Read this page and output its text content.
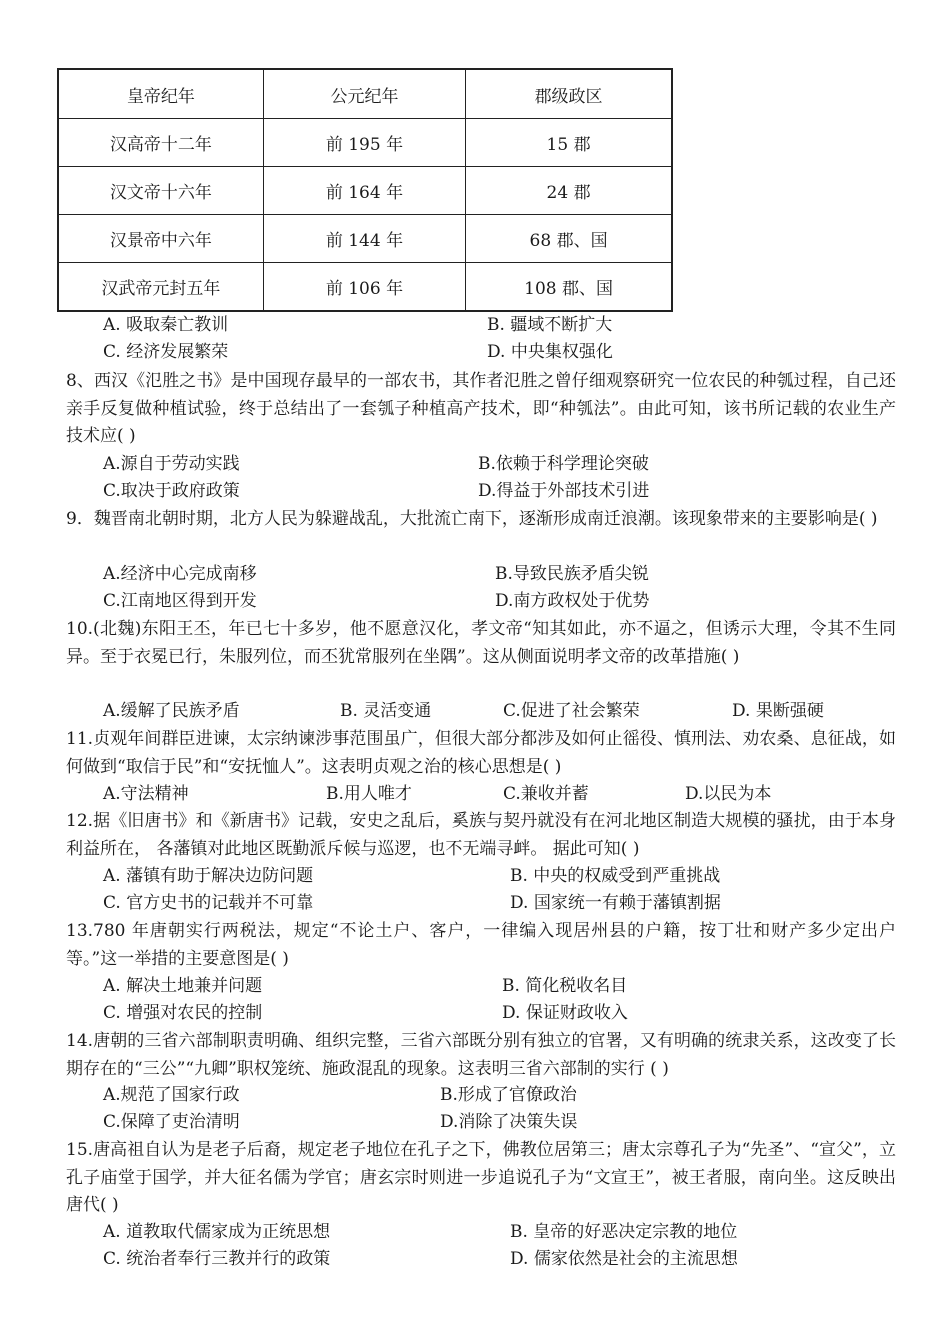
皇帝纪年	公元纪年	郡级政区
汉高帝十二年	前 195 年	15 郡
汉文帝十六年	前 164 年	24 郡
汉景帝中六年	前 144 年	68 郡、国
汉武帝元封五年	前 106 年	108 郡、国
A. 吸取秦亡教训	B. 疆域不断扩大
C. 经济发展繁荣	D. 中央集权强化
8、西汉《氾胜之书》是中国现存最早的一部农书，其作者氾胜之曾仔细观察研究一位农民的种瓠过程，自己还亲手反复做种植试验，终于总结出了一套瓠子种植高产技术，即“种瓠法”。由此可知，该书所记载的农业生产技术应( )
A.源自于劳动实践	B.依赖于科学理论突破
C.取决于政府政策	D.得益于外部技术引进
9．魏晋南北朝时期，北方人民为躲避战乱，大批流亡南下，逐渐形成南迁浪潮。该现象带来的主要影响是( )
A.经济中心完成南移	B.导致民族矛盾尖锐
C.江南地区得到开发	D.南方政权处于优势
10.(北魏)东阳王丕，年已七十多岁，他不愿意汉化，孝文帝“知其如此，亦不逼之，但诱示大理，令其不生同异。至于衣冕已行，朱服列位，而丕犹常服列在坐隅”。这从侧面说明孝文帝的改革措施( )
A.缓解了民族矛盾	B. 灵活变通	C.促进了社会繁荣	D. 果断强硬
11.贞观年间群臣进谏，太宗纳谏涉事范围虽广，但很大部分都涉及如何止徭役、慎刑法、劝农桑、息征战，如何做到“取信于民”和“安抚恤人”。这表明贞观之治的核心思想是( )
A.守法精神	B.用人唯才	C.兼收并蓄	D.以民为本
12.据《旧唐书》和《新唐书》记载，安史之乱后，奚族与契丹就没有在河北地区制造大规模的骚扰，由于本身利益所在， 各藩镇对此地区既勤派斥候与巡逻，也不无端寻衅。 据此可知( )
A. 藩镇有助于解决边防问题	B. 中央的权威受到严重挑战
C. 官方史书的记载并不可靠	D. 国家统一有赖于藩镇割据
13.780 年唐朝实行两税法，规定“不论土户、客户，一律编入现居州县的户籍，按丁壮和财产多少定出户等。”这一举措的主要意图是( )
A. 解决土地兼并问题	B. 简化税收名目
C. 增强对农民的控制	D. 保证财政收入
14.唐朝的三省六部制职责明确、组织完整，三省六部既分别有独立的官署，又有明确的统隶关系，这改变了长期存在的“三公”“九卿”职权笼统、施政混乱的现象。这表明三省六部制的实行 ( )
A.规范了国家行政	B.形成了官僚政治
C.保障了吏治清明	D.消除了决策失误
15.唐高祖自认为是老子后裔，规定老子地位在孔子之下，佛教位居第三；唐太宗尊孔子为“先圣”、“宣父”，立孔子庙堂于国学，并大征名儒为学官；唐玄宗时则进一步追说孔子为“文宣王”，被王者服，南向坐。这反映出唐代( )
A. 道教取代儒家成为正统思想	B. 皇帝的好恶决定宗教的地位
C. 统治者奉行三教并行的政策	D. 儒家依然是社会的主流思想
